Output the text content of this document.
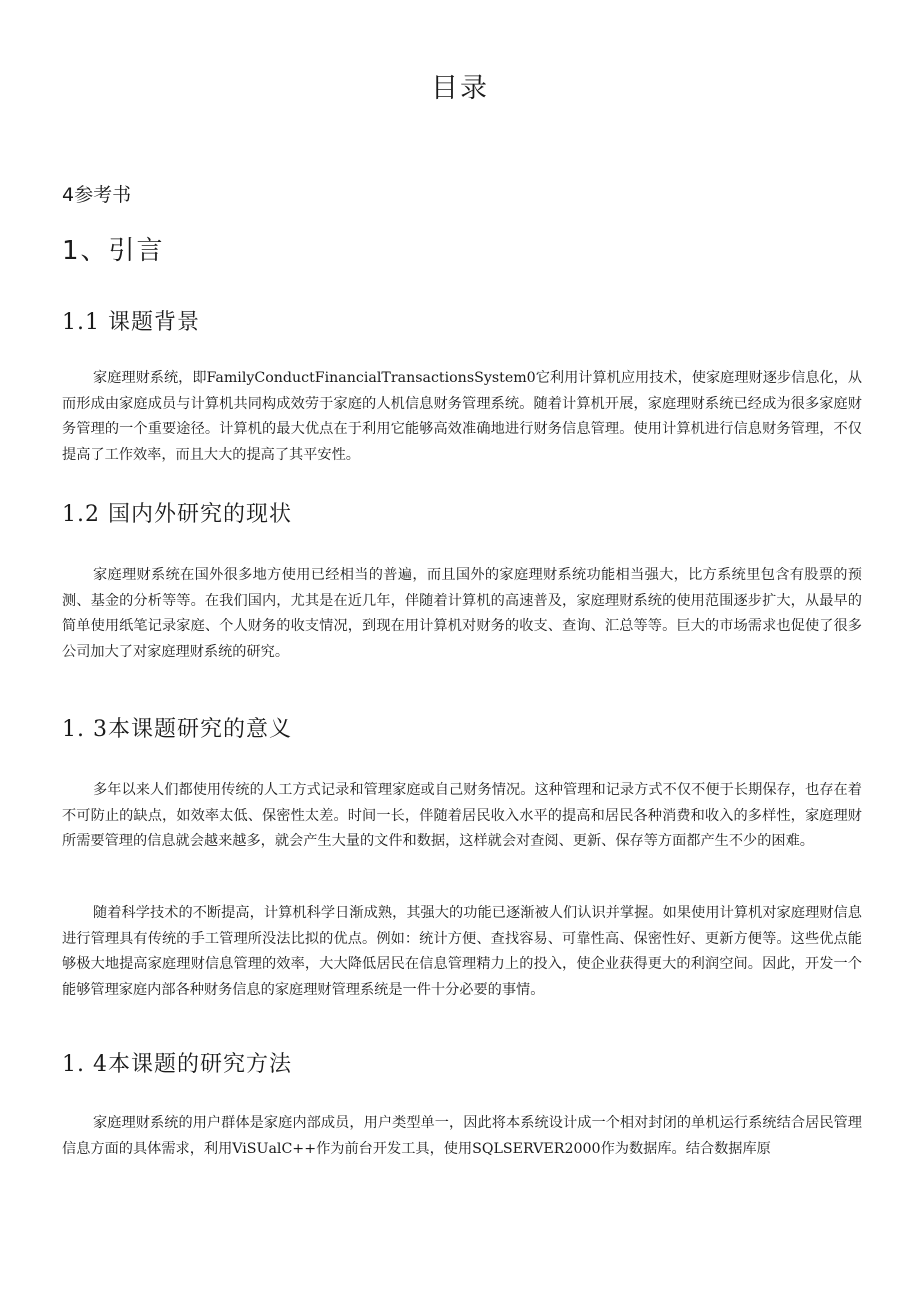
目录
4参考书
1、引言
1.1 课题背景

家庭理财系统，即FamilyConductFinancialTransactionsSystem0它利用计算机应用技术，使家庭理财逐步信息化，从而形成由家庭成员与计算机共同构成效劳于家庭的人机信息财务管理系统。随着计算机开展，家庭理财系统已经成为很多家庭财务管理的一个重要途径。计算机的最大优点在于利用它能够高效准确地进行财务信息管理。使用计算机进行信息财务管理，不仅提高了工作效率，而且大大的提高了其平安性。

1.2 国内外研究的现状

家庭理财系统在国外很多地方使用已经相当的普遍，而且国外的家庭理财系统功能相当强大，比方系统里包含有股票的预测、基金的分析等等。在我们国内，尤其是在近几年，伴随着计算机的高速普及，家庭理财系统的使用范围逐步扩大，从最早的简单使用纸笔记录家庭、个人财务的收支情况，到现在用计算机对财务的收支、查询、汇总等等。巨大的市场需求也促使了很多公司加大了对家庭理财系统的研究。

1. 3本课题研究的意义

多年以来人们都使用传统的人工方式记录和管理家庭或自己财务情况。这种管理和记录方式不仅不便于长期保存，也存在着不可防止的缺点，如效率太低、保密性太差。时间一长，伴随着居民收入水平的提高和居民各种消费和收入的多样性，家庭理财所需要管理的信息就会越来越多，就会产生大量的文件和数据，这样就会对查阅、更新、保存等方面都产生不少的困难。

随着科学技术的不断提高，计算机科学日渐成熟，其强大的功能已逐渐被人们认识并掌握。如果使用计算机对家庭理财信息进行管理具有传统的手工管理所没法比拟的优点。例如：统计方便、查找容易、可靠性高、保密性好、更新方便等。这些优点能够极大地提高家庭理财信息管理的效率，大大降低居民在信息管理精力上的投入，使企业获得更大的利润空间。因此，开发一个能够管理家庭内部各种财务信息的家庭理财管理系统是一件十分必要的事情。

1. 4本课题的研究方法

家庭理财系统的用户群体是家庭内部成员，用户类型单一，因此将本系统设计成一个相对封闭的单机运行系统结合居民管理信息方面的具体需求，利用ViSUalC++作为前台开发工具，使用SQLSERVER2000作为数据库。结合数据库原
